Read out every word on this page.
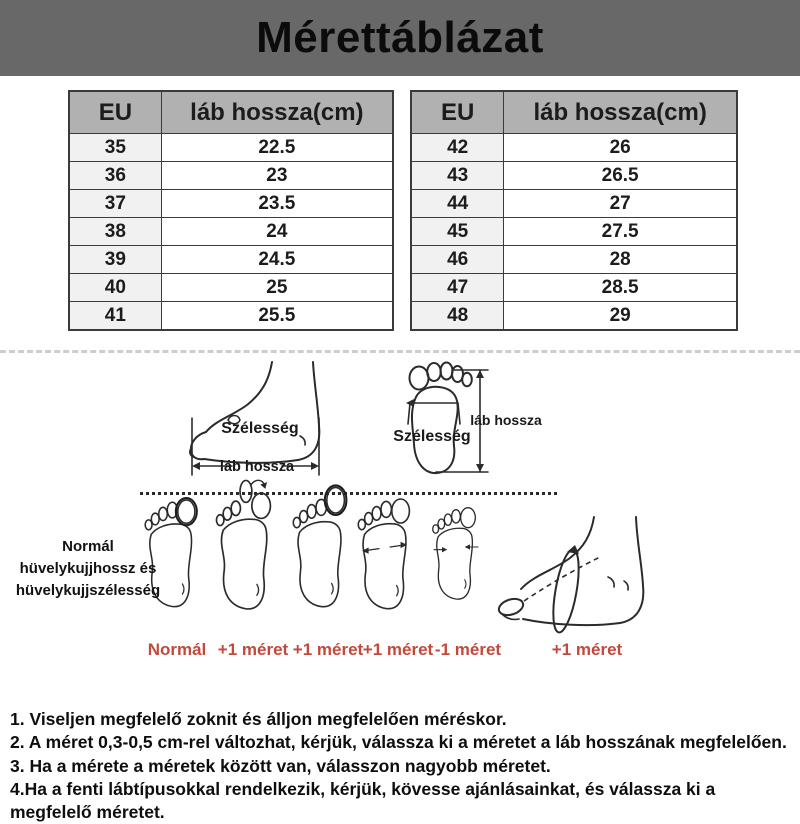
Mérettáblázat
EU	láb hossza(cm)
35	22.5
36	23
37	23.5
38	24
39	24.5
40	25
41	25.5
EU	láb hossza(cm)
42	26
43	26.5
44	27
45	27.5
46	28
47	28.5
48	29
Szélesség
láb hossza
láb hossza
Szélesség
Normál
hüvelykujjhossz és
hüvelykujjszélesség
Normál +1 méret +1 méret +1 méret -1 méret	+1 méret
1. Viseljen megfelelő zoknit és álljon megfelelően méréskor.
2. A méret 0,3-0,5 cm-rel változhat, kérjük, válassza ki a méretet a láb hosszának megfelelően.
3. Ha a mérete a méretek között van, válasszon nagyobb méretet.
4.Ha a fenti lábtípusokkal rendelkezik, kérjük, kövesse ajánlásainkat, és válassza ki a megfelelő méretet.
